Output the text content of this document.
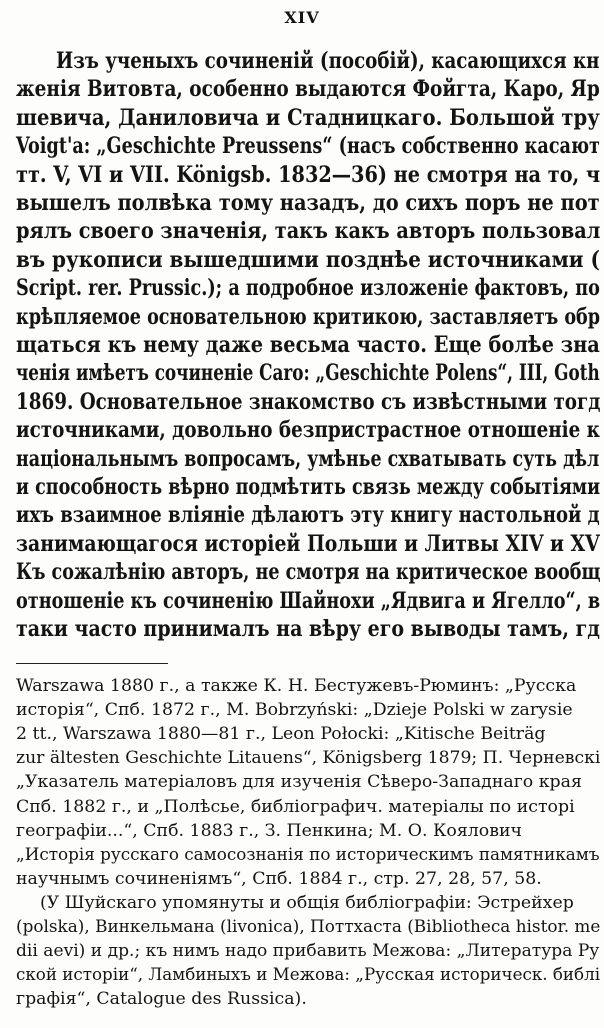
XIV
Изъ ученыхъ сочиненій (пособій), касающихся кн
женія Витовта, особенно выдаются Фойгта, Каро, Яр
шевича, Даниловича и Стадницкаго. Большой тру
Voigt'а: „Geschichte Preussens“ (насъ собственно касают
тт. V, VI и VII. Königsb. 1832—36) не смотря на то, ч
вышелъ полвѣка тому назадъ, до сихъ поръ не пот
рялъ своего значенія, такъ какъ авторъ пользовал
въ рукописи вышедшими позднѣе источниками (
Script. rer. Prussic.); а подробное изложеніе фактовъ, по
крѣпляемое основательною критикою, заставляетъ обр
щаться къ нему даже весьма часто. Еще болѣе зна
ченія имѣетъ сочиненіе Caro: „Geschichte Polens“, III, Goth
1869. Основательное знакомство съ извѣстными тогд
источниками, довольно безпристрастное отношеніе к
національнымъ вопросамъ, умѣнье схватывать суть дѣл
и способность вѣрно подмѣтить связь между событіями
ихъ взаимное вліяніе дѣлаютъ эту книгу настольной д
занимающагося исторіей Польши и Литвы XIV и XV
Къ сожалѣнію авторъ, не смотря на критическое вообщ
отношеніе къ сочиненію Шайнохи „Ядвига и Ягелло“, в
таки часто принималъ на вѣру его выводы тамъ, гд
Warszawa 1880 г., а также К. Н. Бестужевъ-Рюминъ: „Русска
исторія“, Спб. 1872 г., M. Bobrzyński: „Dzieje Polski w zarysie
2 tt., Warszawa 1880—81 г., Leon Połocki: „Kitische Beiträg
zur ältesten Geschichte Litauens“, Königsberg 1879; П. Черневскі
„Указатель матеріаловъ для изученія Сѣверо-Западнаго края
Спб. 1882 г., и „Полѣсье, библіографич. матеріалы по исторі
географіи...“, Спб. 1883 г., З. Пенкина; М. О. Коялович
„Исторія русскаго самосознанія по историческимъ памятникамъ
научнымъ сочиненіямъ“, Спб. 1884 г., стр. 27, 28, 57, 58.
(У Шуйскаго упомянуты и общія библіографіи: Эстрейхер
(polska), Винкельмана (livonica), Поттхаста (Bibliotheca histor. me
dii aevi) и др.; къ нимъ надо прибавить Межова: „Литература Ру
ской исторіи“, Ламбиныхъ и Межова: „Русская историческ. библі
графія“, Catalogue des Russica).
